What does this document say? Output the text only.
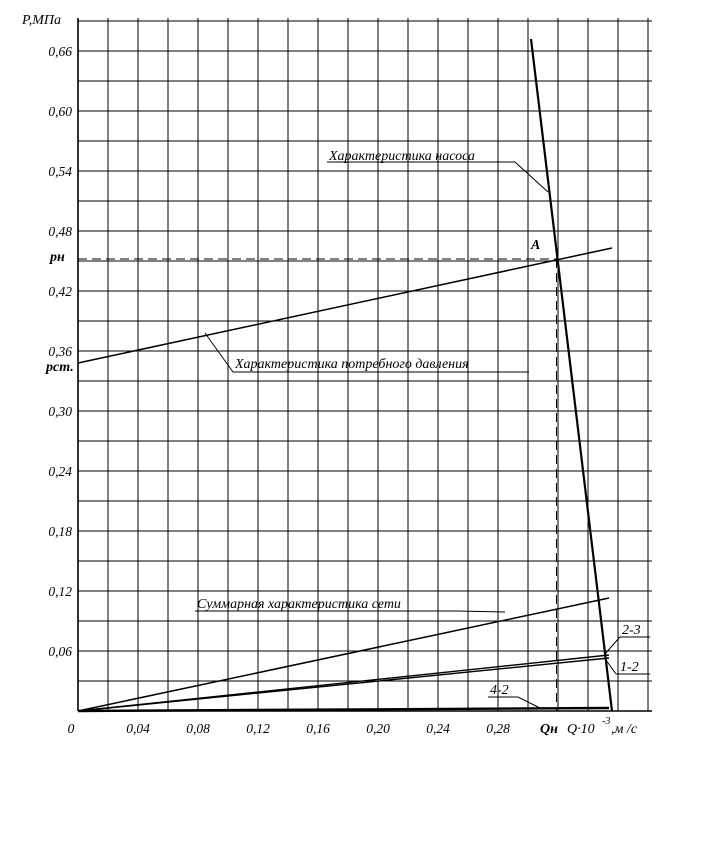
0,06
0,12
0,18
0,24
0,30
0,36
0,42
0,48
0,54
0,60
0,66
0	0,04	0,08	0,12	0,16	0,20	0,24	0,28
P,МПа
Q·10
-3
,м /с
Характеристика насоса
Характеристика потребного давления
Суммарная характеристика сети
2-3
1-2
4-2
A
pн
pст.
Qн
